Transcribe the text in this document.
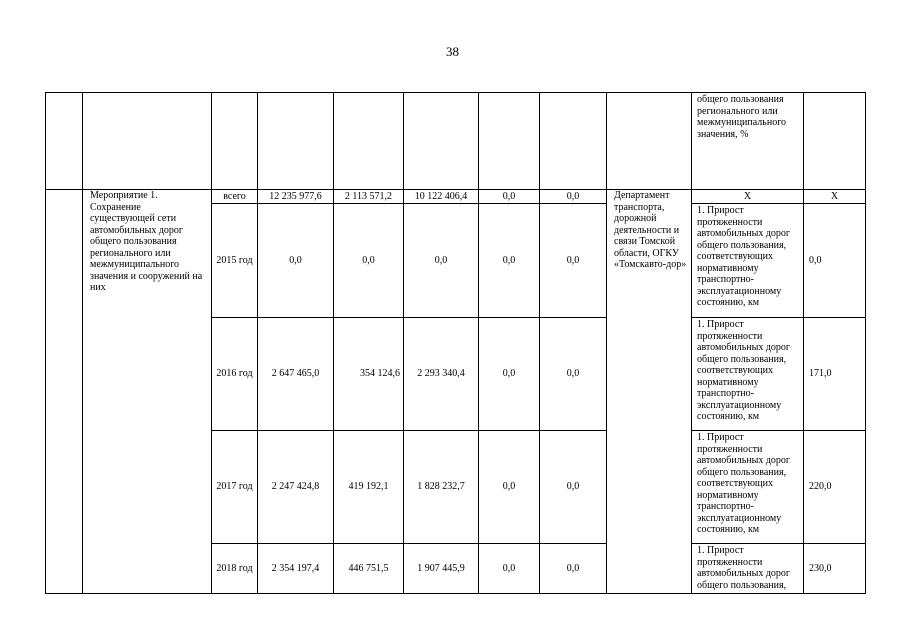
38
									общего пользования регионального или межмуниципального значения, %	
	Мероприятие 1. Сохранение существующей сети автомобильных дорог общего пользования регионального или межмуниципального значения и сооружений на них	всего	12 235 977,6	2 113 571,2	10 122 406,4	0,0	0,0	Департамент транспорта, дорожной деятельности и связи Томской области, ОГКУ «Томскавто-дор»	Х	Х
		2015 год	0,0	0,0	0,0	0,0	0,0		1. Прирост протяженности автомобильных дорог общего пользования, соответствующих нормативному транспортно-эксплуатационному состоянию, км	0,0
		2016 год	2 647 465,0	354 124,6	2 293 340,4	0,0	0,0		1. Прирост протяженности автомобильных дорог общего пользования, соответствующих нормативному транспортно-эксплуатационному состоянию, км	171,0
		2017 год	2 247 424,8	419 192,1	1 828 232,7	0,0	0,0		1. Прирост протяженности автомобильных дорог общего пользования, соответствующих нормативному транспортно-эксплуатационному состоянию, км	220,0
		2018 год	2 354 197,4	446 751,5	1 907 445,9	0,0	0,0		1. Прирост протяженности автомобильных дорог общего пользования,	230,0
